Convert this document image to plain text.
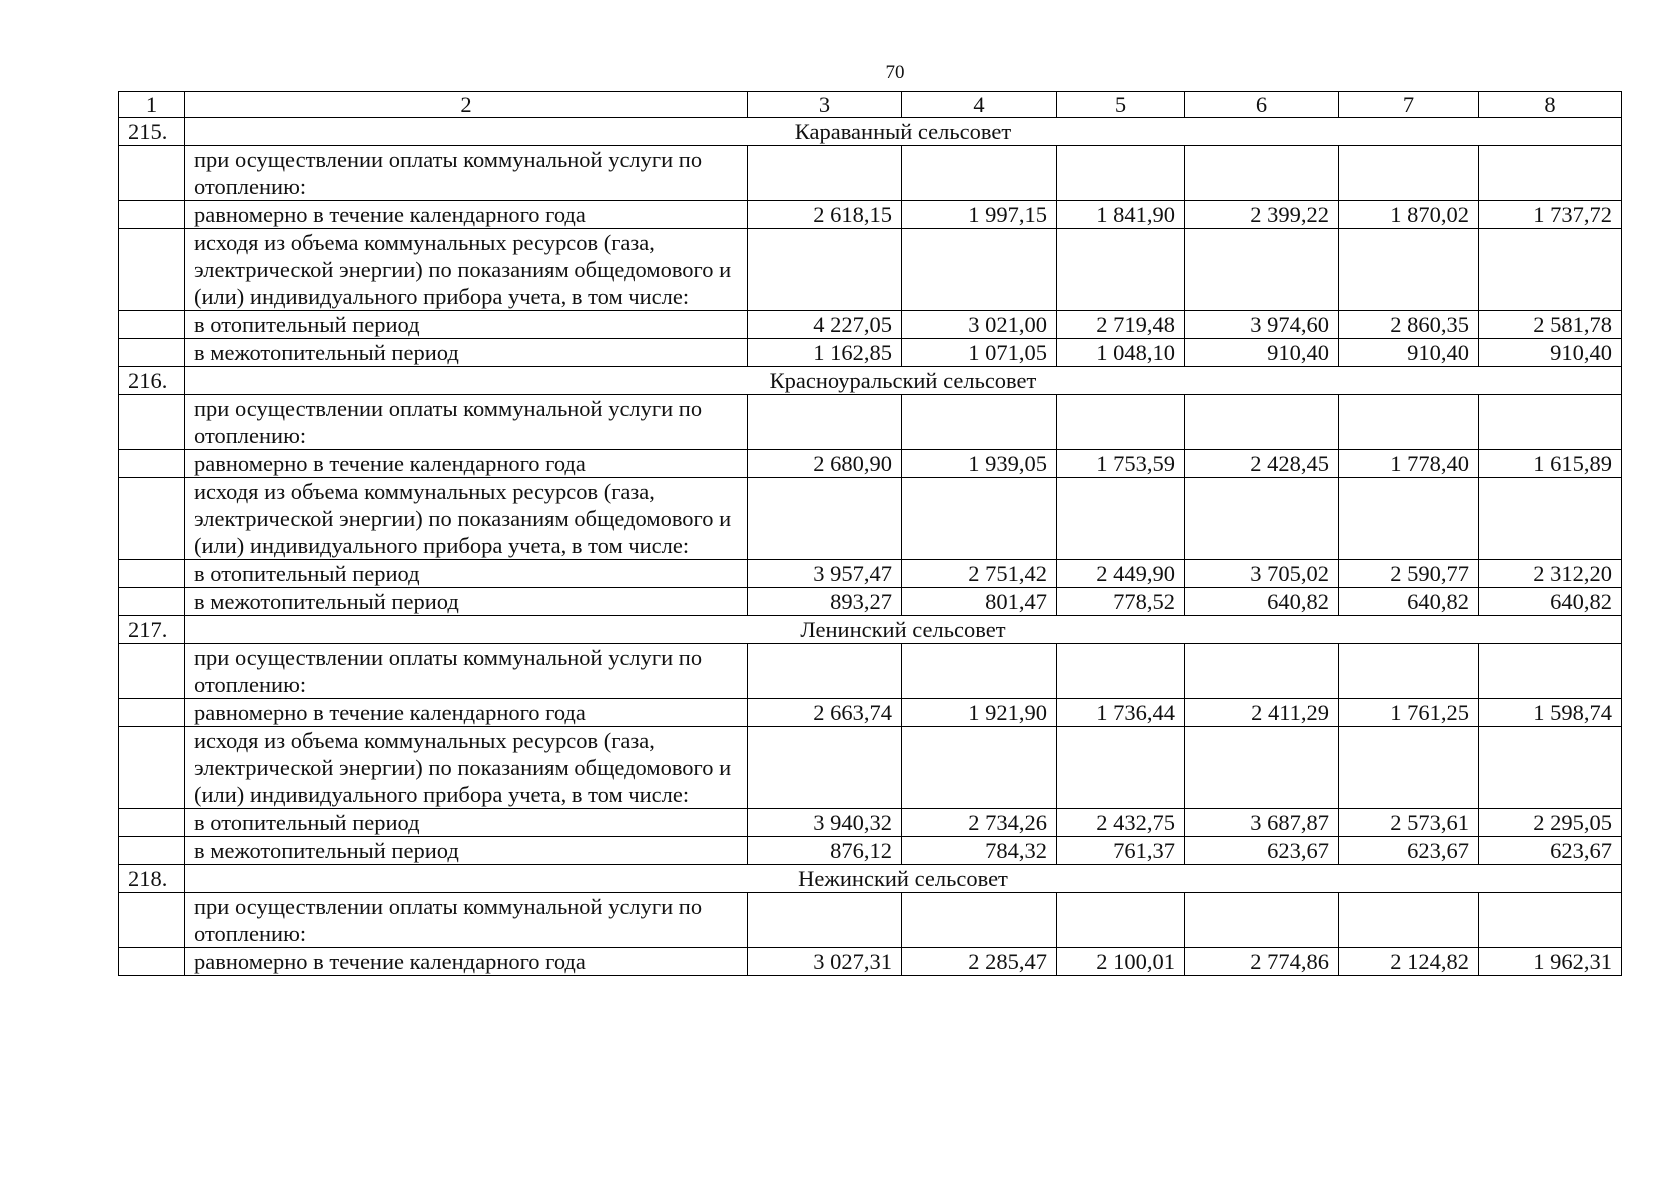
70
1	2	3	4	5	6	7	8
215.	Караванный сельсовет						
	при осуществлении оплаты коммунальной услуги по отоплению:						
	равномерно в течение календарного года	2 618,15	1 997,15	1 841,90	2 399,22	1 870,02	1 737,72
	исходя из объема коммунальных ресурсов (газа, электрической энергии) по показаниям общедомового и (или) индивидуального прибора учета, в том числе:						
	в отопительный период	4 227,05	3 021,00	2 719,48	3 974,60	2 860,35	2 581,78
	в межотопительный период	1 162,85	1 071,05	1 048,10	910,40	910,40	910,40
216.	Красноуральский сельсовет						
	при осуществлении оплаты коммунальной услуги по отоплению:						
	равномерно в течение календарного года	2 680,90	1 939,05	1 753,59	2 428,45	1 778,40	1 615,89
	исходя из объема коммунальных ресурсов (газа, электрической энергии) по показаниям общедомового и (или) индивидуального прибора учета, в том числе:						
	в отопительный период	3 957,47	2 751,42	2 449,90	3 705,02	2 590,77	2 312,20
	в межотопительный период	893,27	801,47	778,52	640,82	640,82	640,82
217.	Ленинский сельсовет						
	при осуществлении оплаты коммунальной услуги по отоплению:						
	равномерно в течение календарного года	2 663,74	1 921,90	1 736,44	2 411,29	1 761,25	1 598,74
	исходя из объема коммунальных ресурсов (газа, электрической энергии) по показаниям общедомового и (или) индивидуального прибора учета, в том числе:						
	в отопительный период	3 940,32	2 734,26	2 432,75	3 687,87	2 573,61	2 295,05
	в межотопительный период	876,12	784,32	761,37	623,67	623,67	623,67
218.	Нежинский сельсовет						
	при осуществлении оплаты коммунальной услуги по отоплению:						
	равномерно в течение календарного года	3 027,31	2 285,47	2 100,01	2 774,86	2 124,82	1 962,31
